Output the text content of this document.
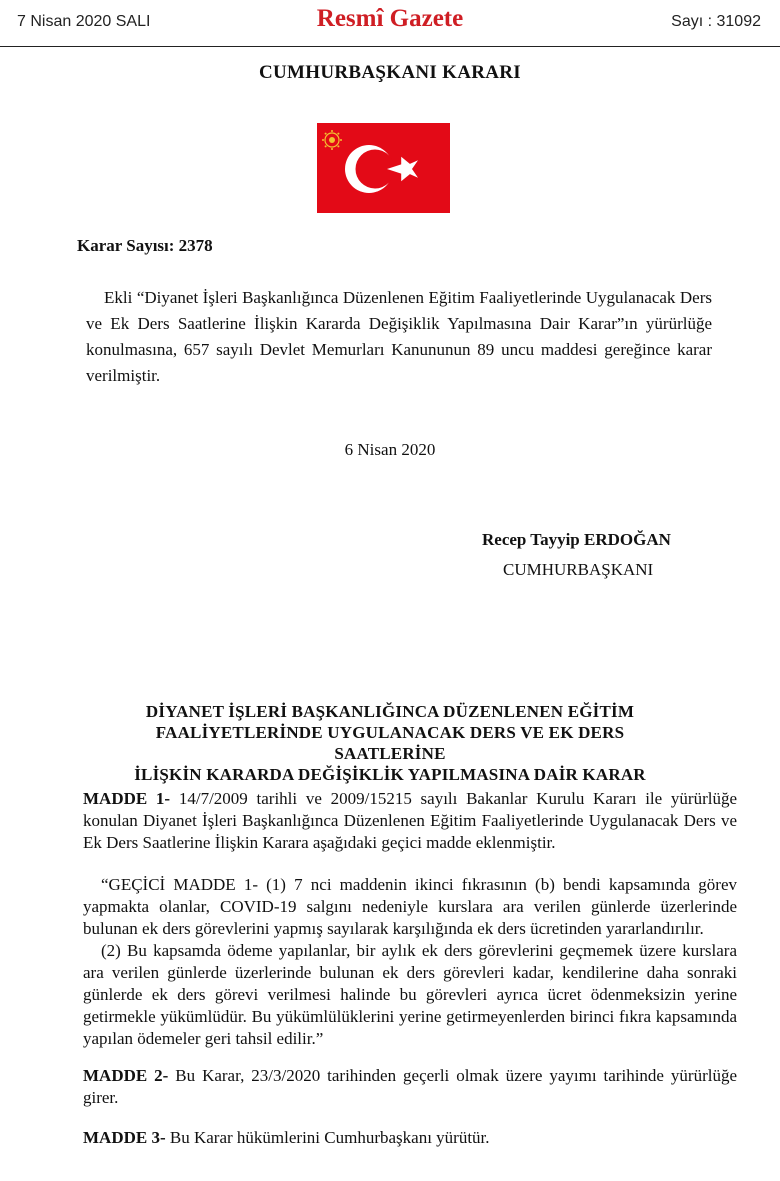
7 Nisan 2020 SALI	Resmî Gazete	Sayı : 31092
CUMHURBAŞKANI KARARI
Karar Sayısı: 2378
Ekli “Diyanet İşleri Başkanlığınca Düzenlenen Eğitim Faaliyetlerinde Uygulanacak Ders ve Ek Ders Saatlerine İlişkin Kararda Değişiklik Yapılmasına Dair Karar”ın yürürlüğe konulmasına, 657 sayılı Devlet Memurları Kanununun 89 uncu maddesi gereğince karar verilmiştir.
6 Nisan 2020
Recep Tayyip ERDOĞAN
CUMHURBAŞKANI
DİYANET İŞLERİ BAŞKANLIĞINCA DÜZENLENEN EĞİTİM
FAALİYETLERİNDE UYGULANACAK DERS VE EK DERS SAATLERİNE
İLİŞKİN KARARDA DEĞİŞİKLİK YAPILMASINA DAİR KARAR
MADDE 1- 14/7/2009 tarihli ve 2009/15215 sayılı Bakanlar Kurulu Kararı ile yürürlüğe konulan Diyanet İşleri Başkanlığınca Düzenlenen Eğitim Faaliyetlerinde Uygulanacak Ders ve Ek Ders Saatlerine İlişkin Karara aşağıdaki geçici madde eklenmiştir.
“GEÇİCİ MADDE 1- (1) 7 nci maddenin ikinci fıkrasının (b) bendi kapsamında görev yapmakta olanlar, COVID-19 salgını nedeniyle kurslara ara verilen günlerde üzerlerinde bulunan ek ders görevlerini yapmış sayılarak karşılığında ek ders ücretinden yararlandırılır.
(2) Bu kapsamda ödeme yapılanlar, bir aylık ek ders görevlerini geçmemek üzere kurslara ara verilen günlerde üzerlerinde bulunan ek ders görevleri kadar, kendilerine daha sonraki günlerde ek ders görevi verilmesi halinde bu görevleri ayrıca ücret ödenmeksizin yerine getirmekle yükümlüdür. Bu yükümlülüklerini yerine getirmeyenlerden birinci fıkra kapsamında yapılan ödemeler geri tahsil edilir.”
MADDE 2- Bu Karar, 23/3/2020 tarihinden geçerli olmak üzere yayımı tarihinde yürürlüğe girer.
MADDE 3- Bu Karar hükümlerini Cumhurbaşkanı yürütür.
